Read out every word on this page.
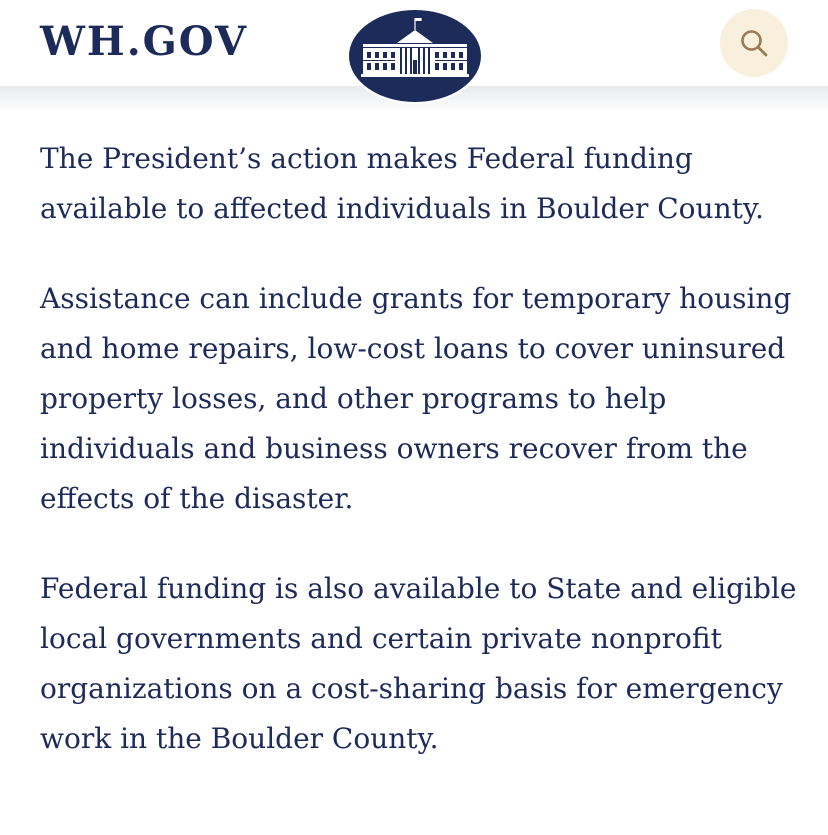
WH.GOV

The President’s action makes Federal funding available to affected individuals in Boulder County.

Assistance can include grants for temporary housing and home repairs, low-cost loans to cover uninsured property losses, and other programs to help individuals and business owners recover from the effects of the disaster.

Federal funding is also available to State and eligible local governments and certain private nonprofit organizations on a cost-sharing basis for emergency work in the Boulder County.
